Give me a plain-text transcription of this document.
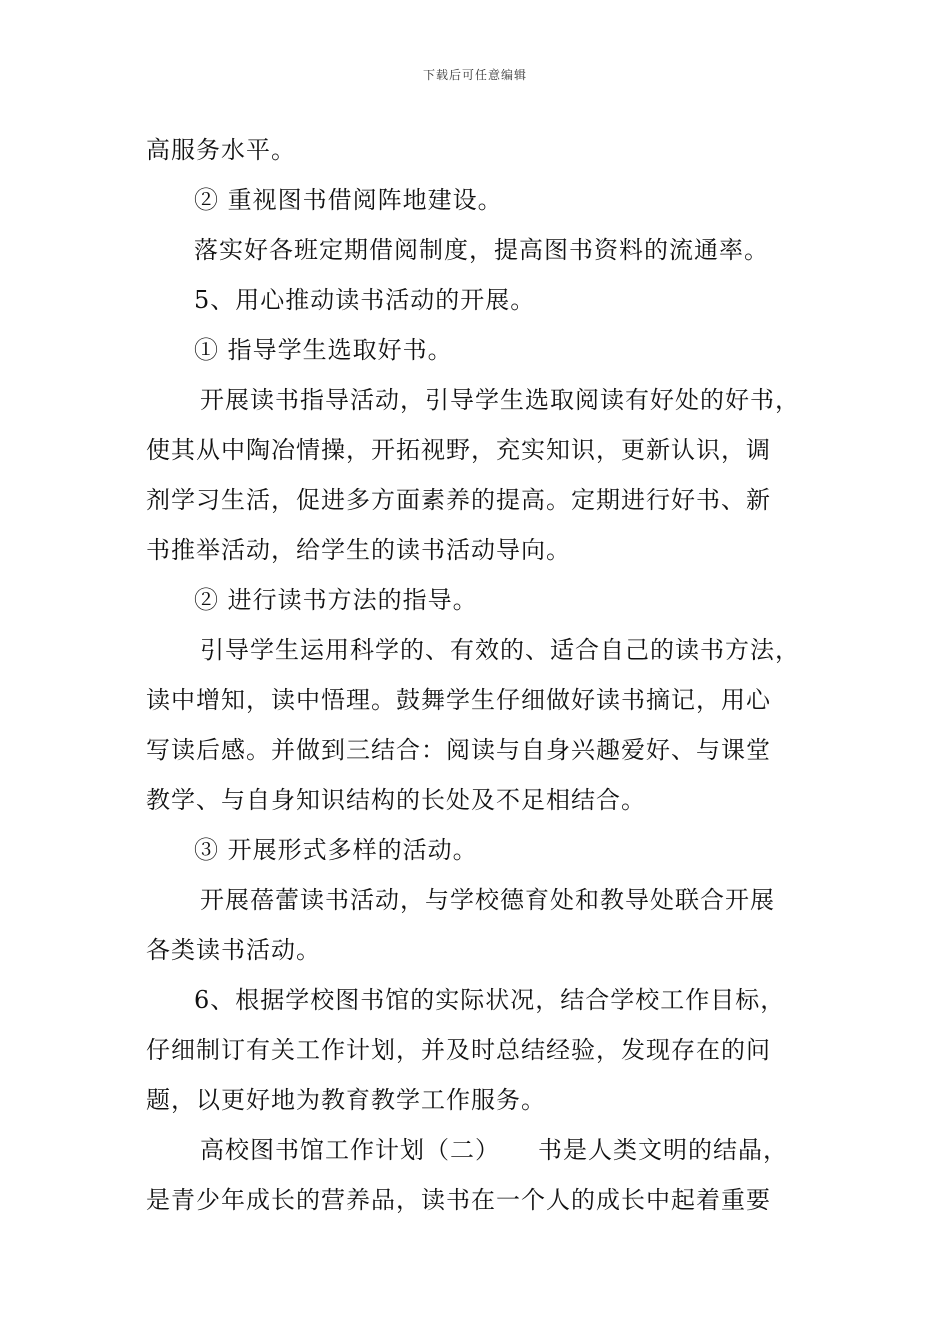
下载后可任意编辑
高服务水平。
② 重视图书借阅阵地建设。
落实好各班定期借阅制度，提高图书资料的流通率。
5、用心推动读书活动的开展。
① 指导学生选取好书。
开展读书指导活动，引导学生选取阅读有好处的好书，
使其从中陶冶情操，开拓视野，充实知识，更新认识，调
剂学习生活，促进多方面素养的提高。定期进行好书、新
书推举活动，给学生的读书活动导向。
② 进行读书方法的指导。
引导学生运用科学的、有效的、适合自己的读书方法，
读中增知，读中悟理。鼓舞学生仔细做好读书摘记，用心
写读后感。并做到三结合：阅读与自身兴趣爱好、与课堂
教学、与自身知识结构的长处及不足相结合。
③ 开展形式多样的活动。
开展蓓蕾读书活动，与学校德育处和教导处联合开展
各类读书活动。
6、根据学校图书馆的实际状况，结合学校工作目标，
仔细制订有关工作计划，并及时总结经验，发现存在的问
题，以更好地为教育教学工作服务。
高校图书馆工作计划（二）　　书是人类文明的结晶，
是青少年成长的营养品，读书在一个人的成长中起着重要
